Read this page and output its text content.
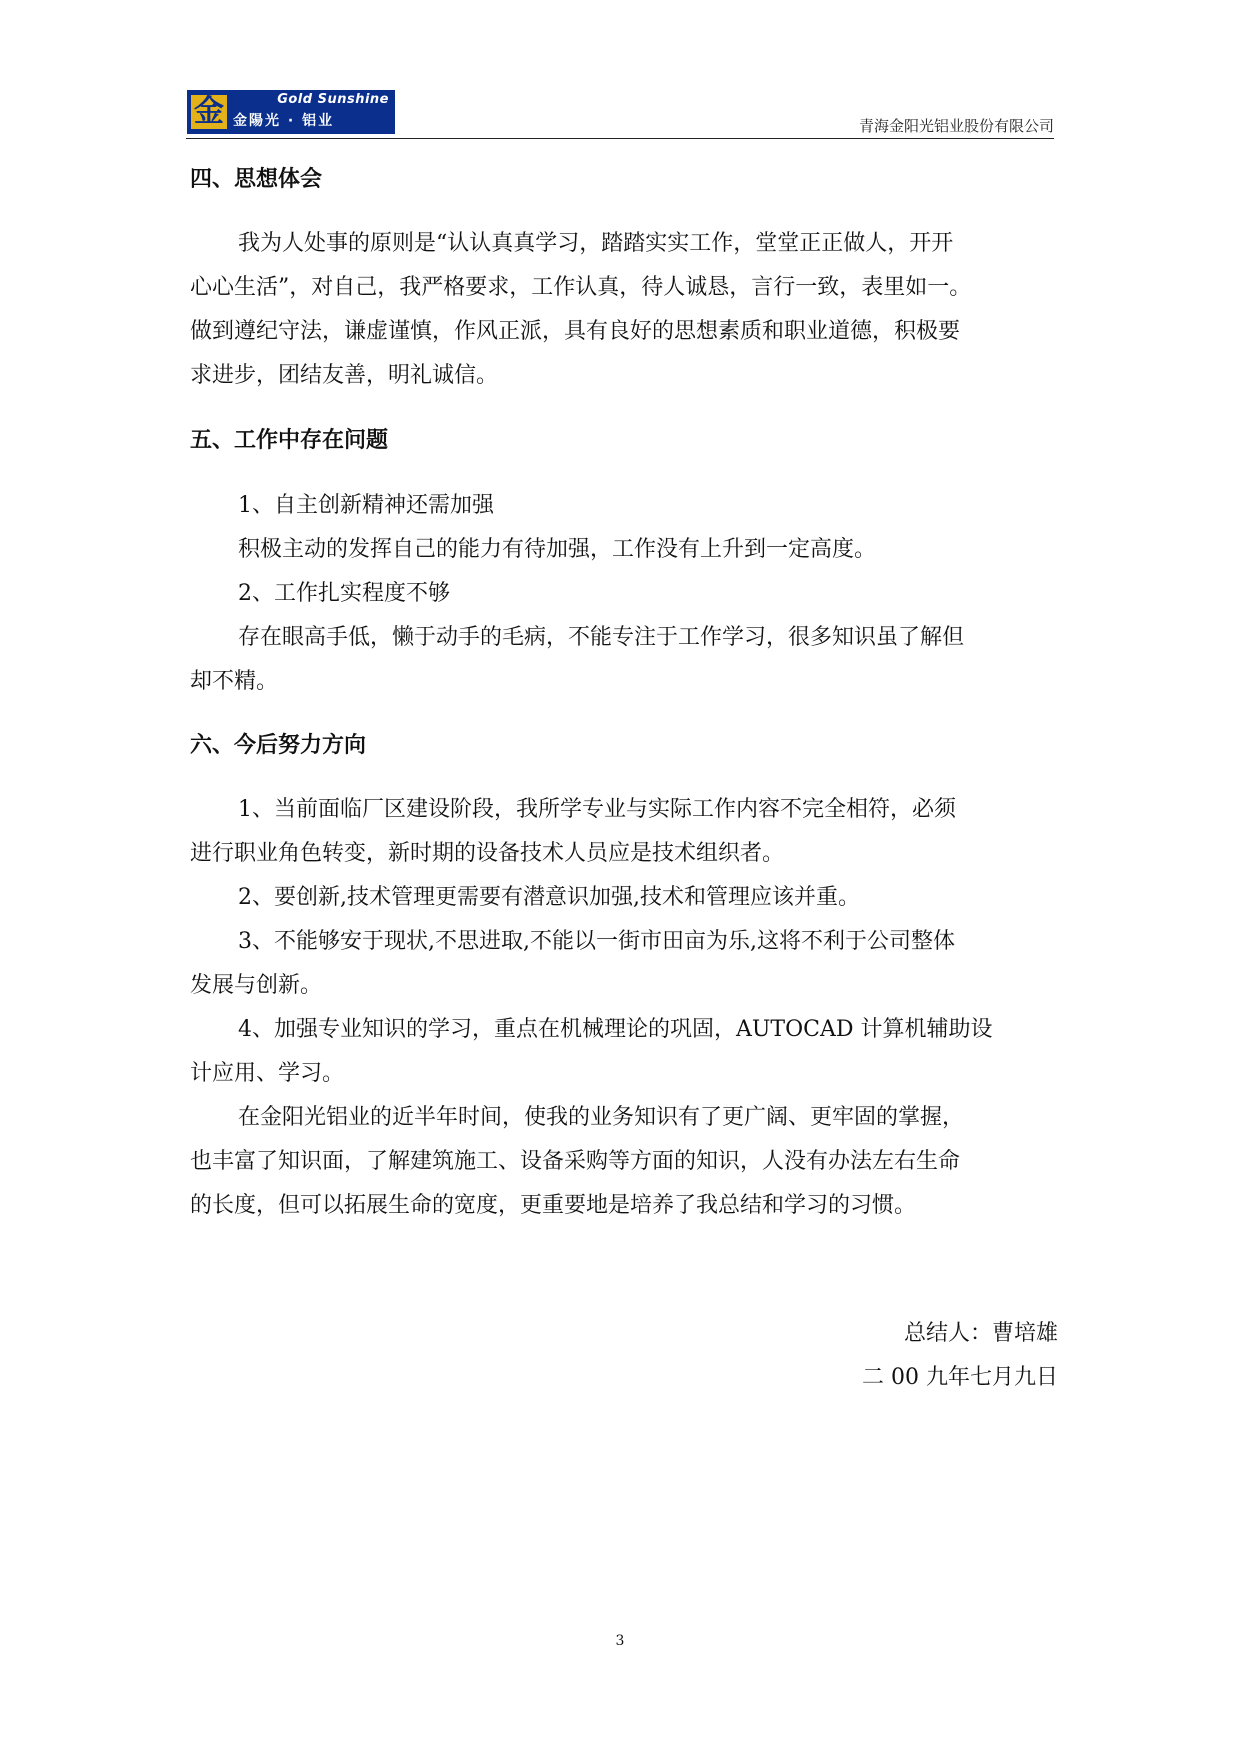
金	Gold Sunshine
金陽光 · 铝业	青海金阳光铝业股份有限公司
四、思想体会
我为人处事的原则是“认认真真学习，踏踏实实工作，堂堂正正做人，开开
心心生活”，对自己，我严格要求，工作认真，待人诚恳，言行一致，表里如一。
做到遵纪守法，谦虚谨慎，作风正派，具有良好的思想素质和职业道德，积极要
求进步，团结友善，明礼诚信。
五、工作中存在问题
1、自主创新精神还需加强
积极主动的发挥自己的能力有待加强，工作没有上升到一定高度。
2、工作扎实程度不够
存在眼高手低，懒于动手的毛病，不能专注于工作学习，很多知识虽了解但
却不精。
六、今后努力方向
1、当前面临厂区建设阶段，我所学专业与实际工作内容不完全相符，必须
进行职业角色转变，新时期的设备技术人员应是技术组织者。
2、要创新,技术管理更需要有潜意识加强,技术和管理应该并重。
3、不能够安于现状,不思进取,不能以一街市田亩为乐,这将不利于公司整体
发展与创新。
4、加强专业知识的学习，重点在机械理论的巩固，AUTOCAD 计算机辅助设
计应用、学习。
在金阳光铝业的近半年时间，使我的业务知识有了更广阔、更牢固的掌握，
也丰富了知识面，了解建筑施工、设备采购等方面的知识，人没有办法左右生命
的长度，但可以拓展生命的宽度，更重要地是培养了我总结和学习的习惯。
总结人：曹培雄
二 00 九年七月九日
3
